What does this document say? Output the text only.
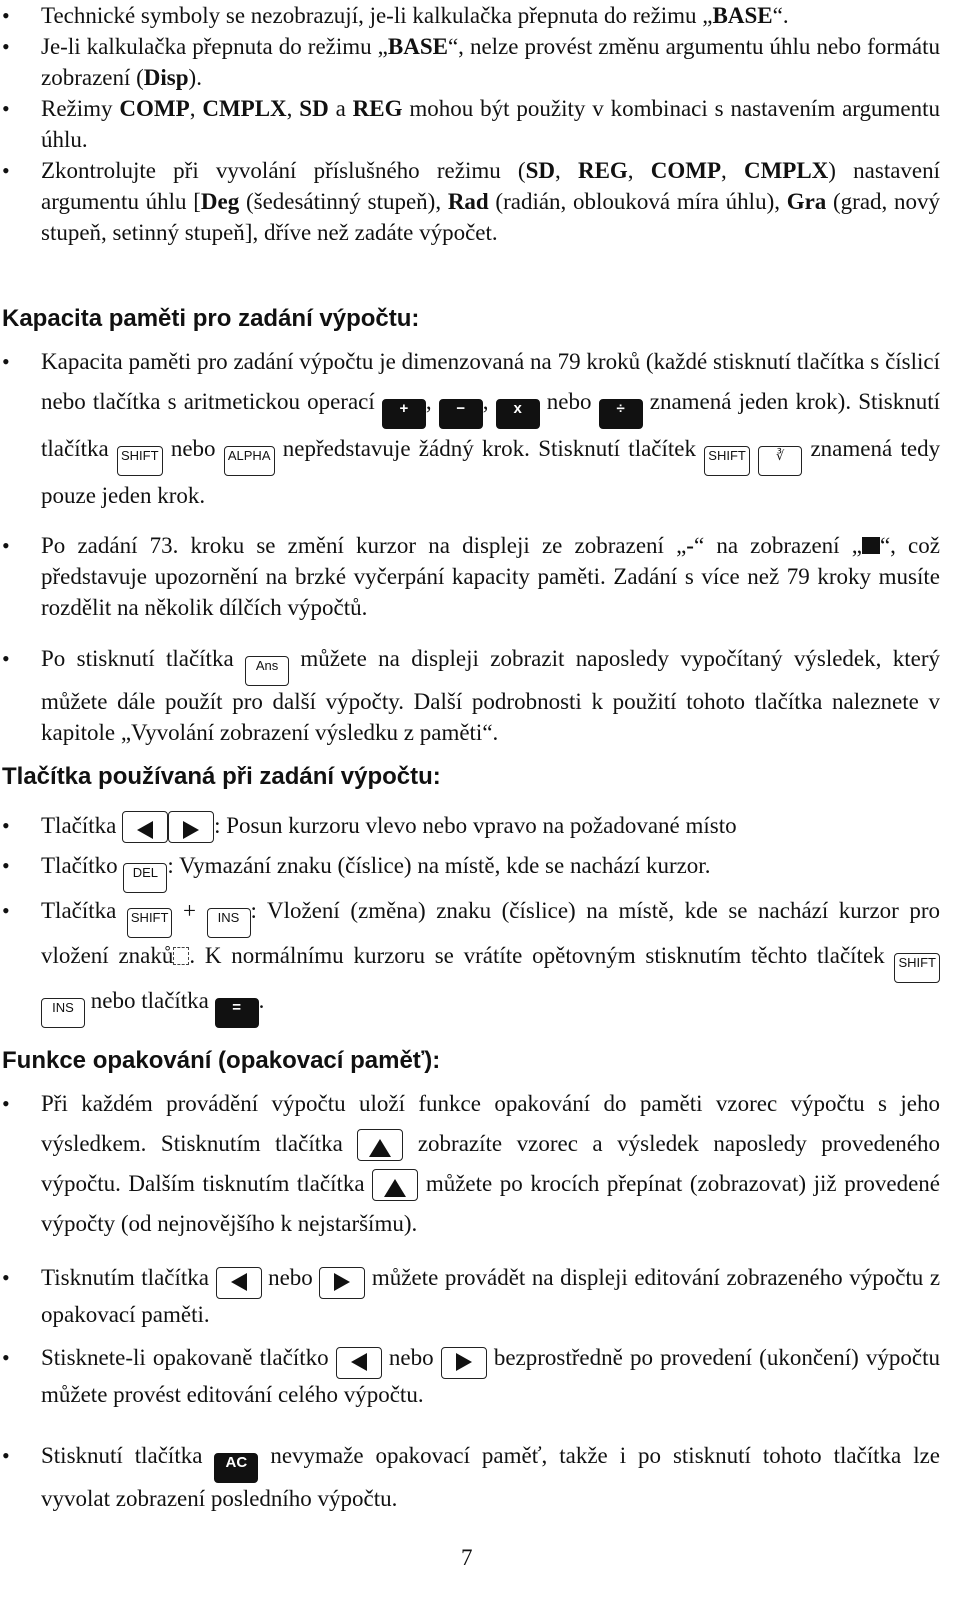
• Technické symboly se nezobrazují, je-li kalkulačka přepnuta do režimu „BASE“.
• Je-li kalkulačka přepnuta do režimu „BASE“, nelze provést změnu argumentu úhlu nebo formátu zobrazení (Disp).
• Režimy COMP, CMPLX, SD a REG mohou být použity v kombinaci s nastavením argumentu úhlu.
• Zkontrolujte při vyvolání příslušného režimu (SD, REG, COMP, CMPLX) nastavení argumentu úhlu [Deg (šedesátinný stupeň), Rad (radián, oblouková míra úhlu), Gra (grad, nový stupeň, setinný stupeň], dříve než zadáte výpočet.
Kapacita paměti pro zadání výpočtu:
• Kapacita paměti pro zadání výpočtu je dimenzovaná na 79 kroků (každé stisknutí tlačítka s číslicí nebo tlačítka s aritmetickou operací + , − , x nebo ÷ znamená jeden krok). Stisknutí tlačítka SHIFT nebo ALPHA nepředstavuje žádný krok. Stisknutí tlačítek SHIFT ∛ znamená tedy pouze jeden krok.
• Po zadání 73. kroku se změní kurzor na displeji ze zobrazení „-“ na zobrazení „ “, což představuje upozornění na brzké vyčerpání kapacity paměti. Zadání s více než 79 kroky musíte rozdělit na několik dílčích výpočtů.
• Po stisknutí tlačítka Ans můžete na displeji zobrazit naposledy vypočítaný výsledek, který můžete dále použít pro další výpočty. Další podrobnosti k použití tohoto tlačítka naleznete v kapitole „Vyvolání zobrazení výsledku z paměti“.
Tlačítka používaná při zadání výpočtu:
• Tlačítka	: Posun kurzoru vlevo nebo vpravo na požadované místo
• Tlačítko DEL : Vymazání znaku (číslice) na místě, kde se nachází kurzor.
• Tlačítka SHIFT + INS : Vložení (změna) znaku (číslice) na místě, kde se nachází kurzor pro vložení znaků . K normálnímu kurzoru se vrátíte opětovným stisknutím těchto tlačítek SHIFT INS nebo tlačítka = .
Funkce opakování (opakovací paměť):
• Při každém provádění výpočtu uloží funkce opakování do paměti vzorec výpočtu s jeho výsledkem. Stisknutím tlačítka	zobrazíte vzorec a výsledek naposledy provedeného výpočtu. Dalším tisknutím tlačítka	můžete po krocích přepínat (zobrazovat) již provedené výpočty (od nejnovějšího k nejstaršímu).
• Tisknutím tlačítka	nebo	můžete provádět na displeji editování zobrazeného výpočtu z opakovací paměti.
• Stisknete-li opakovaně tlačítko	nebo	bezprostředně po provedení (ukončení) výpočtu můžete provést editování celého výpočtu.
• Stisknutí tlačítka AC nevymaže opakovací paměť, takže i po stisknutí tohoto tlačítka lze vyvolat zobrazení posledního výpočtu.
7
